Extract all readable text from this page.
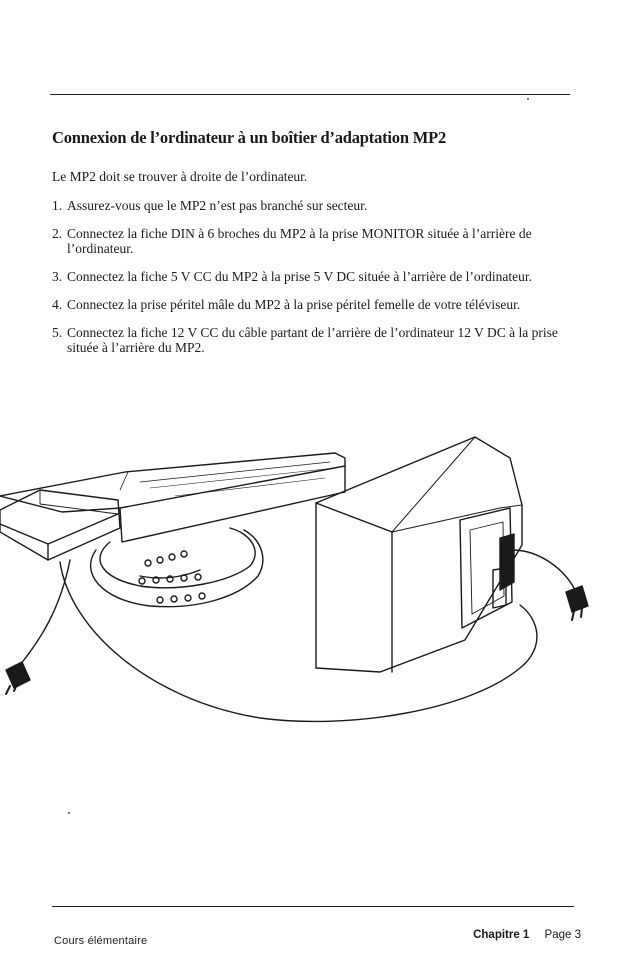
Connexion de l’ordinateur à un boîtier d’adaptation MP2

Le MP2 doit se trouver à droite de l’ordinateur.

1. Assurez-vous que le MP2 n’est pas branché sur secteur.
2. Connectez la fiche DIN à 6 broches du MP2 à la prise MONITOR située à l’arrière de l’ordinateur.
3. Connectez la fiche 5 V CC du MP2 à la prise 5 V DC située à l’arrière de l’ordinateur.
4. Connectez la prise péritel mâle du MP2 à la prise péritel femelle de votre téléviseur.
5. Connectez la fiche 12 V CC du câble partant de l’arrière de l’ordinateur 12 V DC à la prise située à l’arrière du MP2.
Cours élémentaire	Chapitre 1 Page 3
